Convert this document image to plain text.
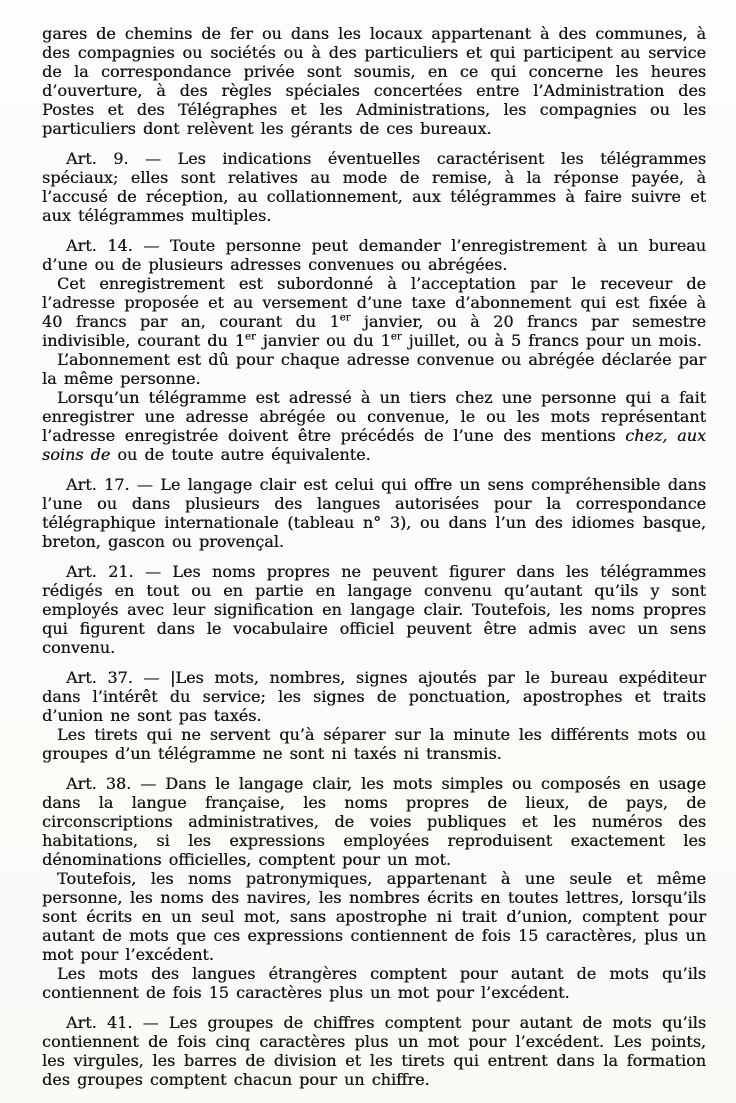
gares de chemins de fer ou dans les locaux appartenant à des communes, à des compagnies ou sociétés ou à des particuliers et qui participent au service de la correspondance privée sont soumis, en ce qui concerne les heures d’ouverture, à des règles spéciales concertées entre l’Administration des Postes et des Télégraphes et les Administrations, les compagnies ou les particuliers dont relèvent les gérants de ces bureaux.

Art. 9. — Les indications éventuelles caractérisent les télégrammes spéciaux; elles sont relatives au mode de remise, à la réponse payée, à l’accusé de réception, au collationnement, aux télégrammes à faire suivre et aux télégrammes multiples.

Art. 14. — Toute personne peut demander l’enregistrement à un bureau d’une ou de plusieurs adresses convenues ou abrégées.

Cet enregistrement est subordonné à l’acceptation par le receveur de l’adresse proposée et au versement d’une taxe d’abonnement qui est fixée à 40 francs par an, courant du 1er janvier, ou à 20 francs par semestre indivisible, courant du 1er janvier ou du 1er juillet, ou à 5 francs pour un mois.

L’abonnement est dû pour chaque adresse convenue ou abrégée déclarée par la même personne.

Lorsqu’un télégramme est adressé à un tiers chez une personne qui a fait enregistrer une adresse abrégée ou convenue, le ou les mots représentant l’adresse enregistrée doivent être précédés de l’une des mentions chez, aux soins de ou de toute autre équivalente.

Art. 17. — Le langage clair est celui qui offre un sens compréhensible dans l’une ou dans plusieurs des langues autorisées pour la correspondance télégraphique internationale (tableau n° 3), ou dans l’un des idiomes basque, breton, gascon ou provençal.

Art. 21. — Les noms propres ne peuvent figurer dans les télégrammes rédigés en tout ou en partie en langage convenu qu’autant qu’ils y sont employés avec leur signification en langage clair. Toutefois, les noms propres qui figurent dans le vocabulaire officiel peuvent être admis avec un sens convenu.

Art. 37. — |Les mots, nombres, signes ajoutés par le bureau expéditeur dans l’intérêt du service; les signes de ponctuation, apostrophes et traits d’union ne sont pas taxés.

Les tirets qui ne servent qu’à séparer sur la minute les différents mots ou groupes d’un télégramme ne sont ni taxés ni transmis.

Art. 38. — Dans le langage clair, les mots simples ou composés en usage dans la langue française, les noms propres de lieux, de pays, de circonscriptions administratives, de voies publiques et les numéros des habitations, si les expressions employées reproduisent exactement les dénominations officielles, comptent pour un mot.

Toutefois, les noms patronymiques, appartenant à une seule et même personne, les noms des navires, les nombres écrits en toutes lettres, lorsqu’ils sont écrits en un seul mot, sans apostrophe ni trait d’union, comptent pour autant de mots que ces expressions contiennent de fois 15 caractères, plus un mot pour l’excédent.

Les mots des langues étrangères comptent pour autant de mots qu’ils contiennent de fois 15 caractères plus un mot pour l’excédent.

Art. 41. — Les groupes de chiffres comptent pour autant de mots qu’ils contiennent de fois cinq caractères plus un mot pour l’excédent. Les points, les virgules, les barres de division et les tirets qui entrent dans la formation des groupes comptent chacun pour un chiffre.
